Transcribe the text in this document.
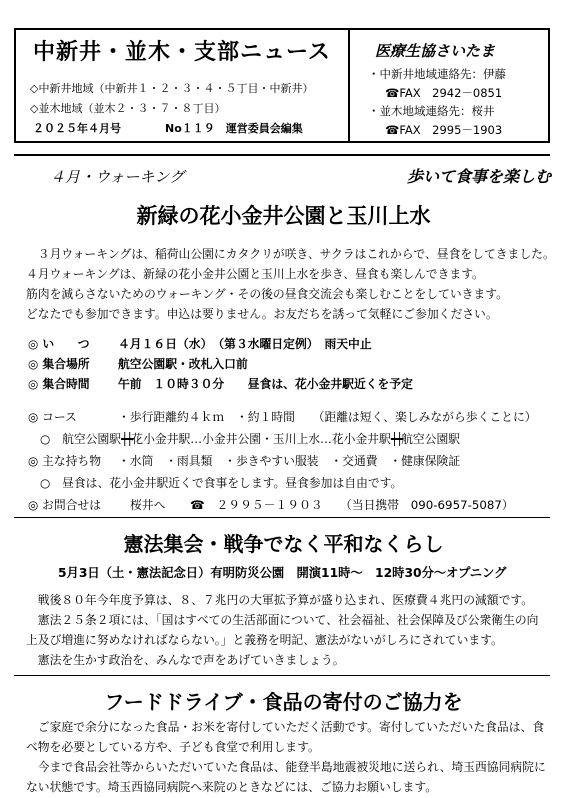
中新井・並木・支部ニュース
◇中新井地域（中新井１・２・３・４・５丁目・中新井）
◇並木地域（並木２・３・７・８丁目）
２０２５年４月号　　　　No１１９　運営委員会編集
医療生協さいたま
・中新井地域連絡先：伊藤
☎FAX　2942－0851
・並木地域連絡先：桜井
☎FAX　2995－1903
４月・ウォーキング	歩いて食事を楽しむ
新緑の花小金井公園と玉川上水
　３月ウォーキングは、稲荷山公園にカタクリが咲き、サクラはこれからで、昼食をしてきました。
４月ウォーキングは、新緑の花小金井公園と玉川上水を歩き、昼食も楽しんできます。
筋肉を減らさないためのウォーキング・その後の昼食交流会も楽しむことをしていきます。
どなたでも参加できます。申込は要りません。お友だちを誘って気軽にご参加ください。
◎ い　　つ ４月１６日（水）　（第３水曜日定例）　雨天中止
◎ 集合場所 航空公園駅・改札入口前
◎ 集合時間 午前　１０時３０分　　昼食は、花小金井駅近くを予定
◎ コース	・歩行距離約４ｋｍ　・約１時間　　（距離は短く、楽しみながら歩くことに）
○　航空公園駅┿┿花小金井駅…小金井公園・玉川上水…花小金井駅┿┿航空公園駅
◎ 主な持ち物 ・水筒　・雨具類　・歩きやすい服装　・交通費　・健康保険証
○　昼食は、花小金井駅近くで食事をします。昼食参加は自由です。
◎ お問合せは 桜井へ ☎　２９９５－１９０３ （当日携帯　090-6957-5087）
憲法集会・戦争でなく平和なくらし
5月3日（土・憲法記念日）有明防災公園　開演11時～　12時30分～オプニング
　戦後８０年今年度予算は、８、７兆円の大軍拡予算が盛り込まれ、医療費４兆円の減額です。
　憲法２５条２項には、「国はすべての生活部面について、社会福祉、社会保障及び公衆衛生の向
上及び増進に努めなければならない。」と義務を明記、憲法がないがしろにされています。
　憲法を生かす政治を、みんなで声をあげていきましょう。
フードドライブ・食品の寄付のご協力を
　ご家庭で余分になった食品・お米を寄付していただく活動です。寄付していただいた食品は、食
べ物を必要としている方や、子ども食堂で利用します。
　今まで食品会社等からいただいていた食品は、能登半島地震被災地に送られ、埼玉西協同病院に
ない状態です。埼玉西協同病院へ来院のときなどには、ご協力お願いします。
